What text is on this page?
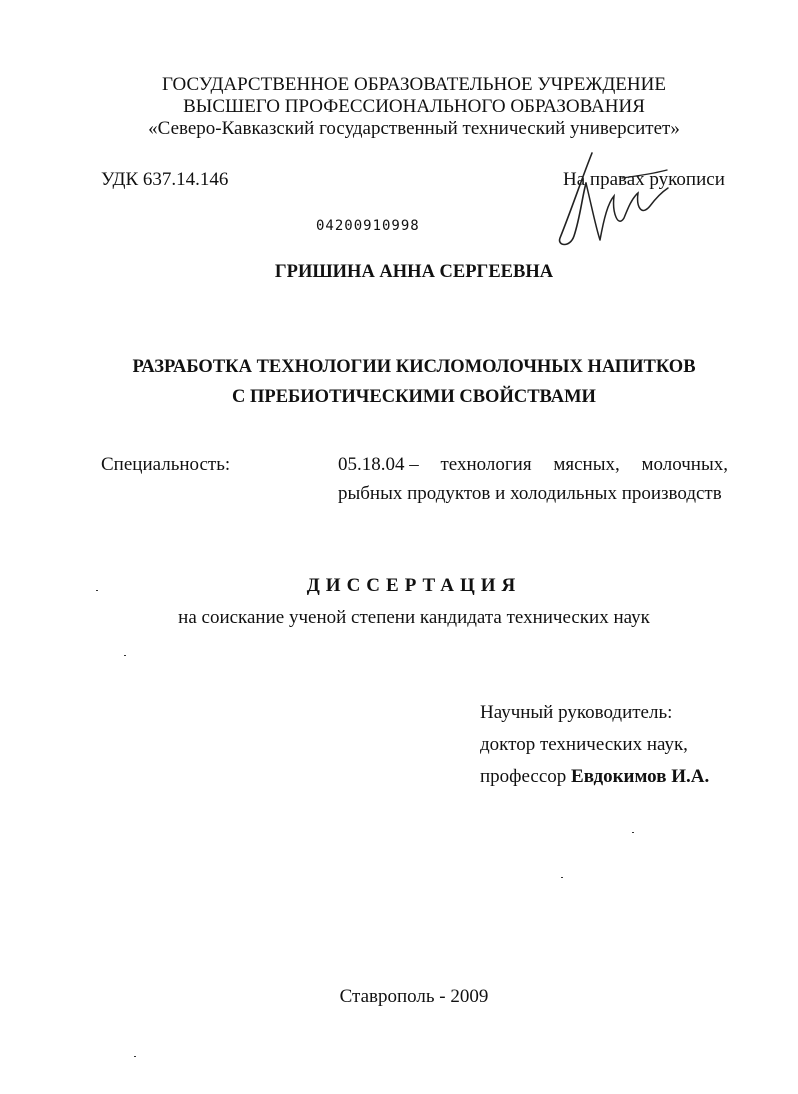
ГОСУДАРСТВЕННОЕ ОБРАЗОВАТЕЛЬНОЕ УЧРЕЖДЕНИЕ
ВЫСШЕГО ПРОФЕССИОНАЛЬНОГО ОБРАЗОВАНИЯ
«Северо-Кавказский государственный технический университет»
УДК 637.14.146	На правах рукописи
04200910998
ГРИШИНА АННА СЕРГЕЕВНА
РАЗРАБОТКА ТЕХНОЛОГИИ КИСЛОМОЛОЧНЫХ НАПИТКОВ
С ПРЕБИОТИЧЕСКИМИ СВОЙСТВАМИ
Специальность:	05.18.04 – технология мясных, молочных,
рыбных продуктов и холодильных производств
ДИССЕРТАЦИЯ
на соискание ученой степени кандидата технических наук
Научный руководитель:
доктор технических наук,
профессор Евдокимов И.А.
Ставрополь - 2009
